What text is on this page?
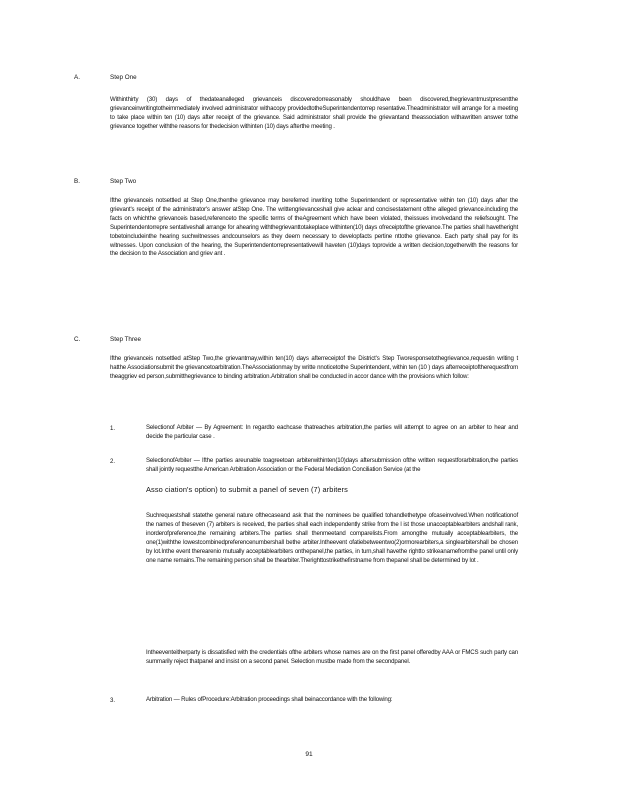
A.	Step One

Withinthirty (30) days of thedateanalleged grievanceis discoveredorreasonably shouldhave been discovered,thegrievantmustpresentthe grievanceinwritingtotheimmediately involved administrator withacopy providedtotheSuperintendentorrep resentative.Theadministrator will arrange for a meeting to take place within ten (10) days after receipt of the grievance. Said administrator shall provide the grievantand theassociation withawritten answer tothe grievance together withthe reasons for thedecision withinten (10) days afterthe meeting .

B.	Step Two

Ifthe grievanceis notsettled at Step One,thenthe grievance may bereferred inwriting tothe Superintendent or representative within ten (10) days after the grievant's receipt of the administrator's answer atStep One. The writtengrievanceshall give aclear and concisestatement ofthe alleged grievance.including the facts on whichthe grievanceis based,referenceto the specific terms of theAgreement which have been violated, theissues involvedand the reliefsought. The Superintendentorrepre sentativeshall arrange for ahearing withthegrievanttotakeplace withinten(10) days ofreceiptofthe grievance.The parties shall havetheright tobetoincludeinthe hearing suchwitnesses andcounselors as they deem necessary to developfacts pertine nttothe grievance. Each party shall pay for its witnesses. Upon conclusion of the hearing, the Superintendentorrepresentativewill haveten (10)days toprovide a written decision,togetherwith the reasons for the decision to the Association and griev ant .

C.	Step Three

Ifthe grievanceis notsettled atStep Two,the grievantmay,within ten(10) days afterreceiptof the District's Step Tworesponsetothegrievance,requestin writing t hatthe Associationsubmit the grievancetoarbitration.TheAssociationmay by writte nnoticetothe Superintendent, within ten (10 ) days afterreceiptoftherequestfrom theaggriev ed person,submitthegrievance to binding arbitration.Arbitration shall be conducted in accor dance with the provisions which follow:

1.	Selectionof Arbiter — By Agreement: In regardto eachcase thatreaches arbitration,the parties will attempt to agree on an arbiter to hear and decide the particular case .

2.	SelectionofArbiter — Ifthe parties areunable toagreetoan arbiterwithinten(10)days aftersubmission ofthe written requestforarbitration,the parties shall jointly requestthe American Arbitration Association or the Federal Mediation Conciliation Service (at the

Asso ciation's option) to submit a panel of seven (7) arbiters

Suchrequestshall statethe general nature ofthecaseand ask that the nominees be qualified tohandlethetype ofcaseinvolved.When notificationof the names of theseven (7) arbiters is received, the parties shall each independently strike from the l ist those unacceptablearbiters andshall rank, inorderofpreference,the remaining arbiters.The parties shall thenmeetand comparelists.From amongthe mutually acceptablearbiters, the one(1)withthe lowestcombinedpreferencenumbershall bethe arbiter.Intheevent ofatiebetweentwo(2)ormorearbiters,a singlearbitershall be chosen by lot.Inthe event therearenio mutually acceptablearbiters onthepanel,the parties, in turn,shall havethe rightto strikeanamefromthe panel until only one name remains.The remaining person shall be thearbiter.Therighttostrikethefirstname from thepanel shall be determined by lot .

Intheeventeitherparty is dissatisfied with the credentials ofthe arbiters whose names are on the first panel offeredby AAA or FMCS such party can summarily reject thatpanel and insist on a second panel. Selection mustbe made from the secondpanel.

3.	Arbitration — Rules ofProcedure:Arbitration proceedings shall beinaccordance with the following:

91
